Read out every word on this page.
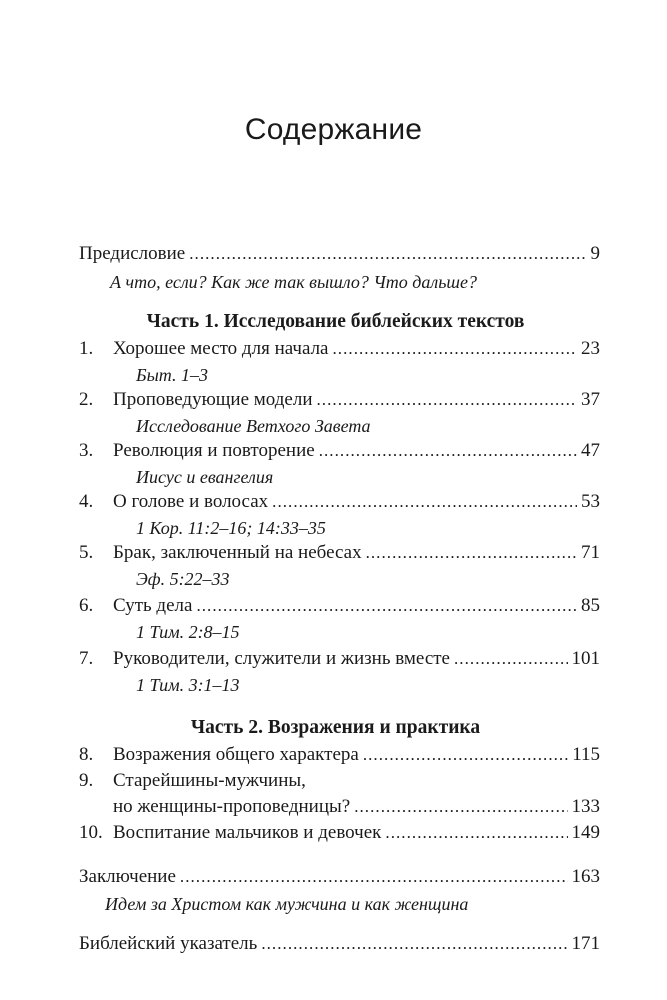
Содержание
Предисловие . . .	9
А что, если? Как же так вышло? Что дальше?
Часть 1. Исследование библейских текстов
1.	Хорошее место для начала . . .	23
Быт. 1–3
2.	Проповедующие модели . . .	37
Исследование Ветхого Завета
3.	Революция и повторение . . .	47
Иисус и евангелия
4.	О голове и волосах . . .	53
1 Кор. 11:2–16; 14:33–35
5.	Брак, заключенный на небесах . . .	71
Эф. 5:22–33
6.	Суть дела . . .	85
1 Тим. 2:8–15
7.	Руководители, служители и жизнь вместе . . .	101
1 Тим. 3:1–13
Часть 2. Возражения и практика
8.	Возражения общего характера . . .	115
9. Старейшины-мужчины,
но женщины-проповедницы? . . .	133
10. Воспитание мальчиков и девочек . . .	149
Заключение . . .	163
Идем за Христом как мужчина и как женщина
Библейский указатель . . .	171
